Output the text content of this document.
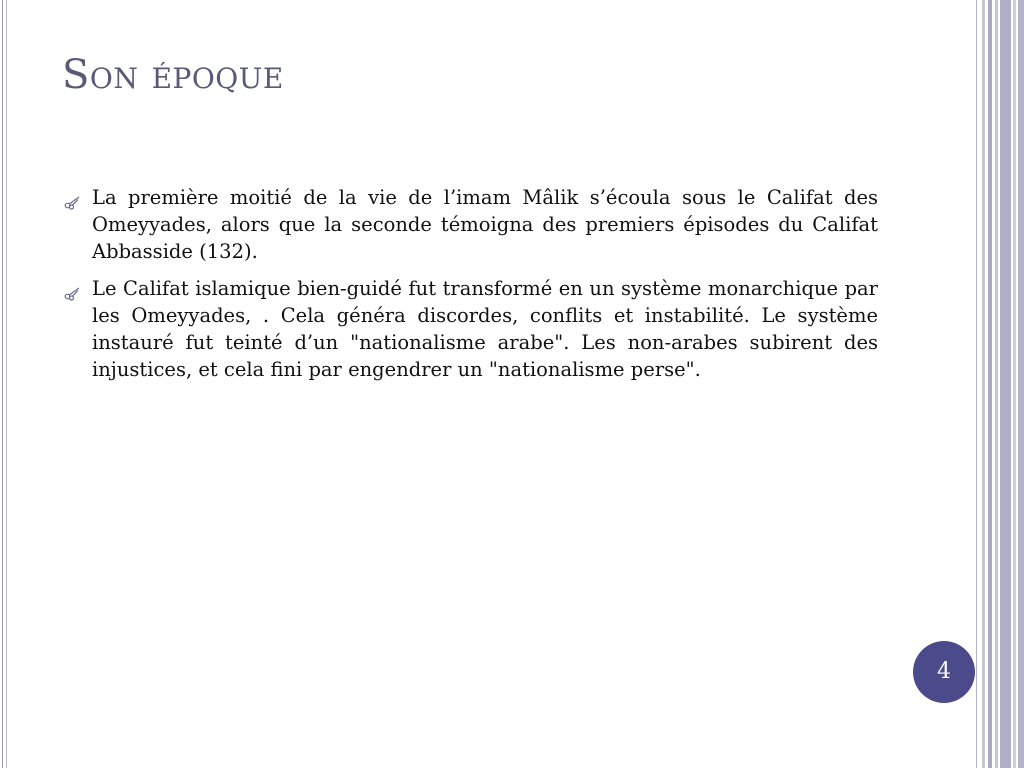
Son époque
La première moitié de la vie de l’imam Mâlik s’écoula sous le Califat des Omeyyades, alors que la seconde témoigna des premiers épisodes du Califat Abbasside (132).
Le Califat islamique bien-guidé fut transformé en un système monarchique par les Omeyyades, . Cela généra discordes, conflits et instabilité. Le système instauré fut teinté d’un "nationalisme arabe". Les non-arabes subirent des injustices, et cela fini par engendrer un "nationalisme perse".
4
